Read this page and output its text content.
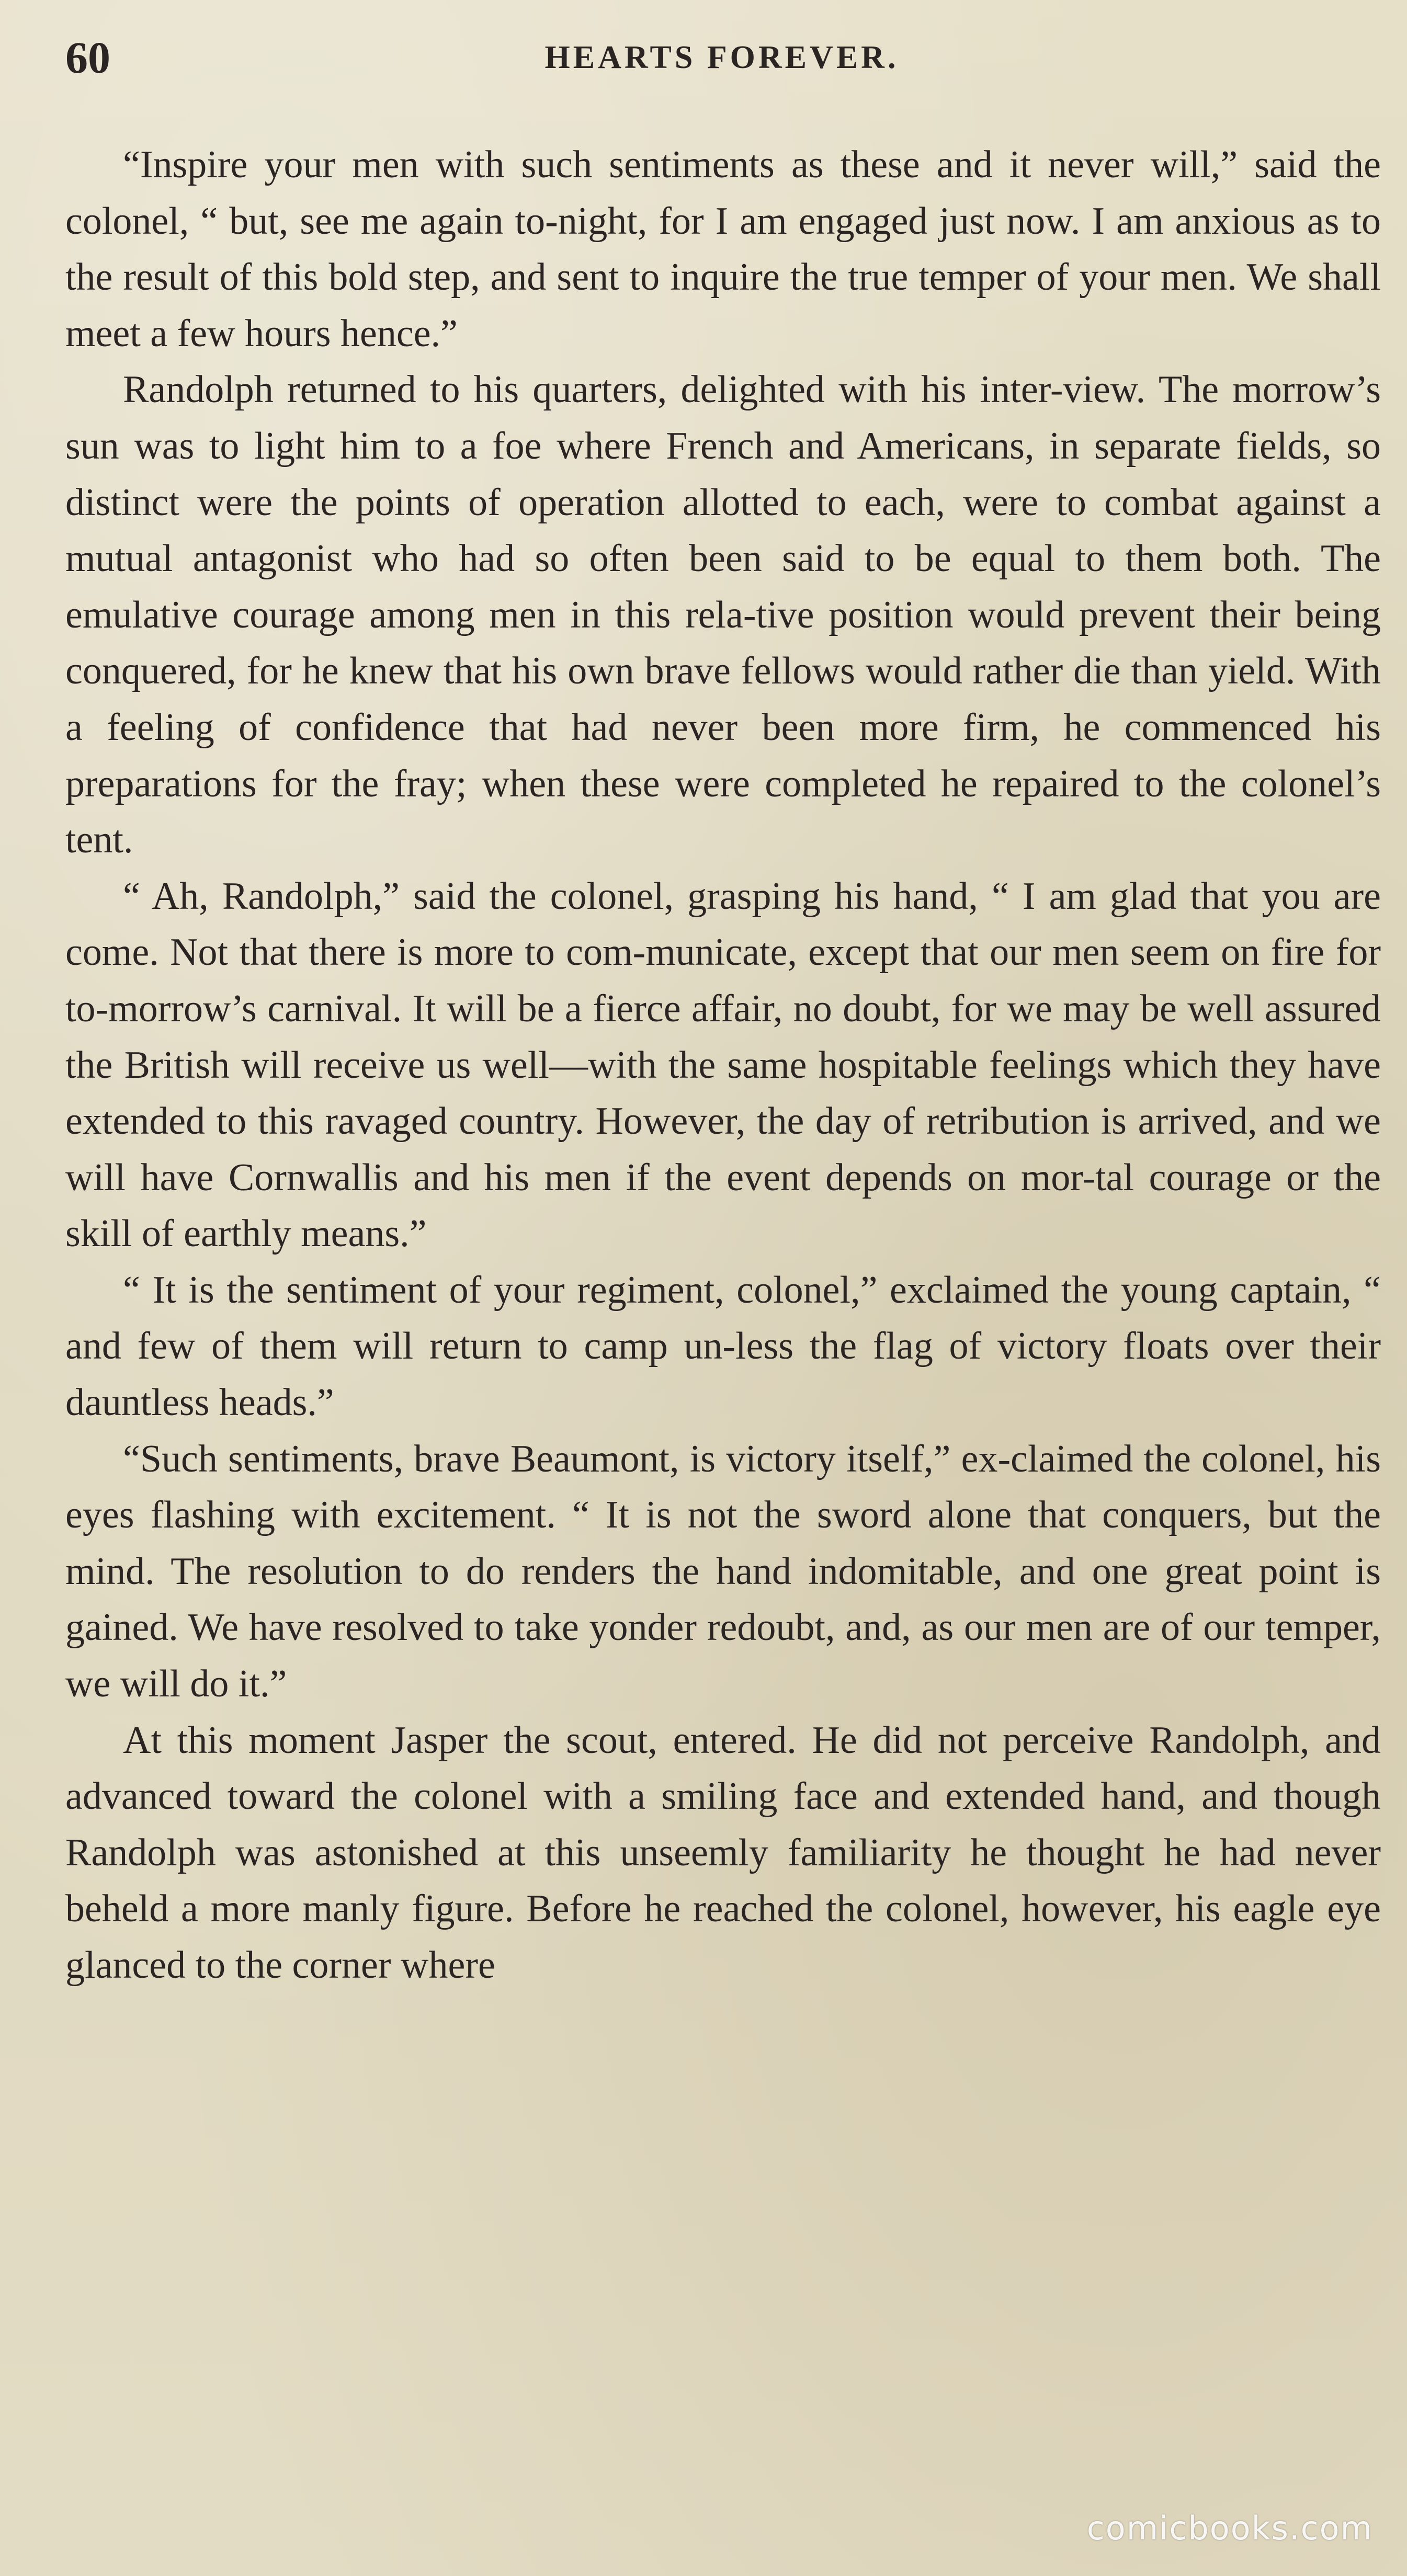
60	HEARTS FOREVER.

“Inspire your men with such sentiments as these and it never will,” said the colonel, “ but, see me again to-night, for I am engaged just now. I am anxious as to the result of this bold step, and sent to inquire the true temper of your men. We shall meet a few hours hence.”

Randolph returned to his quarters, delighted with his inter-view. The morrow’s sun was to light him to a foe where French and Americans, in separate fields, so distinct were the points of operation allotted to each, were to combat against a mutual antagonist who had so often been said to be equal to them both. The emulative courage among men in this rela-tive position would prevent their being conquered, for he knew that his own brave fellows would rather die than yield. With a feeling of confidence that had never been more firm, he commenced his preparations for the fray; when these were completed he repaired to the colonel’s tent.

“ Ah, Randolph,” said the colonel, grasping his hand, “ I am glad that you are come. Not that there is more to com-municate, except that our men seem on fire for to-morrow’s carnival. It will be a fierce affair, no doubt, for we may be well assured the British will receive us well—with the same hospitable feelings which they have extended to this ravaged country. However, the day of retribution is arrived, and we will have Cornwallis and his men if the event depends on mor-tal courage or the skill of earthly means.”

“ It is the sentiment of your regiment, colonel,” exclaimed the young captain, “ and few of them will return to camp un-less the flag of victory floats over their dauntless heads.”

“Such sentiments, brave Beaumont, is victory itself,” ex-claimed the colonel, his eyes flashing with excitement. “ It is not the sword alone that conquers, but the mind. The resolution to do renders the hand indomitable, and one great point is gained. We have resolved to take yonder redoubt, and, as our men are of our temper, we will do it.”

At this moment Jasper the scout, entered. He did not perceive Randolph, and advanced toward the colonel with a smiling face and extended hand, and though Randolph was astonished at this unseemly familiarity he thought he had never beheld a more manly figure. Before he reached the colonel, however, his eagle eye glanced to the corner where

comicbooks.com
